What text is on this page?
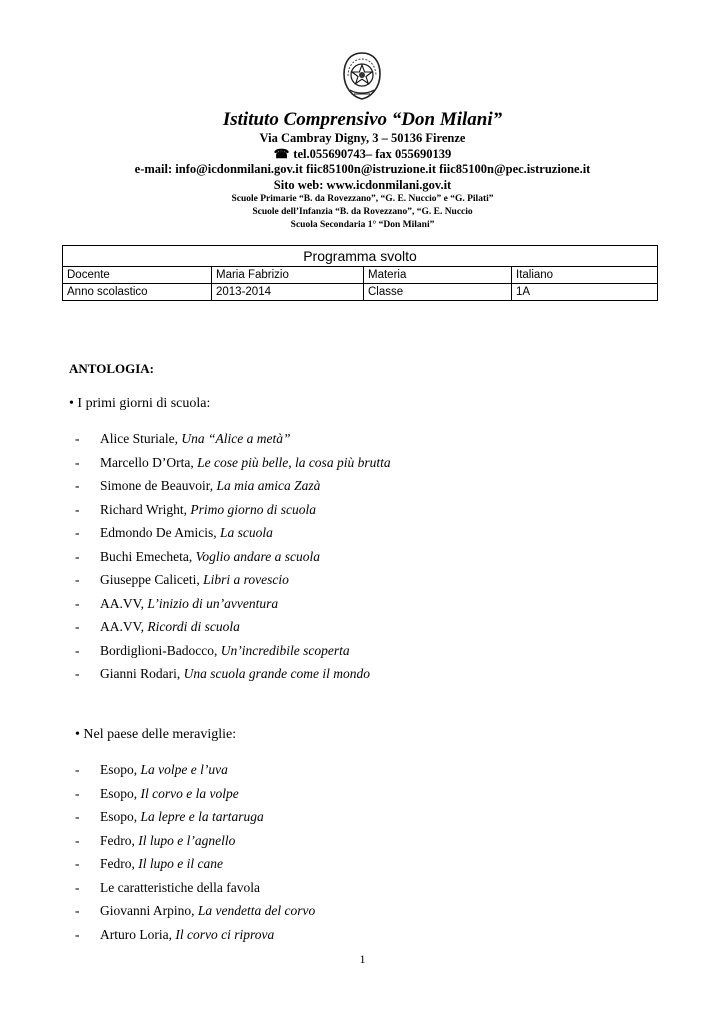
Istituto Comprensivo “Don Milani”
Via Cambray Digny, 3 – 50136 Firenze
☎ tel.055690743– fax 055690139
e-mail: info@icdonmilani.gov.it fiic85100n@istruzione.it fiic85100n@pec.istruzione.it
Sito web: www.icdonmilani.gov.it
Scuole Primarie “B. da Rovezzano”, “G. E. Nuccio” e “G. Pilati”
Scuole dell’Infanzia “B. da Rovezzano”, “G. E. Nuccio
Scuola Secondaria 1° “Don Milani”
Programma svolto			
Docente	Maria Fabrizio	Materia	Italiano
Anno scolastico	2013-2014	Classe	1A
ANTOLOGIA:
• I primi giorni di scuola:
- Alice Sturiale, Una “Alice a metà”
- Marcello D’Orta, Le cose più belle, la cosa più brutta
- Simone de Beauvoir, La mia amica Zazà
- Richard Wright, Primo giorno di scuola
- Edmondo De Amicis, La scuola
- Buchi Emecheta, Voglio andare a scuola
- Giuseppe Caliceti, Libri a rovescio
- AA.VV, L’inizio di un’avventura
- AA.VV, Ricordi di scuola
- Bordiglioni-Badocco, Un’incredibile scoperta
- Gianni Rodari, Una scuola grande come il mondo
• Nel paese delle meraviglie:
- Esopo, La volpe e l’uva
- Esopo, Il corvo e la volpe
- Esopo, La lepre e la tartaruga
- Fedro, Il lupo e l’agnello
- Fedro, Il lupo e il cane
- Le caratteristiche della favola
- Giovanni Arpino, La vendetta del corvo
- Arturo Loria, Il corvo ci riprova
1
